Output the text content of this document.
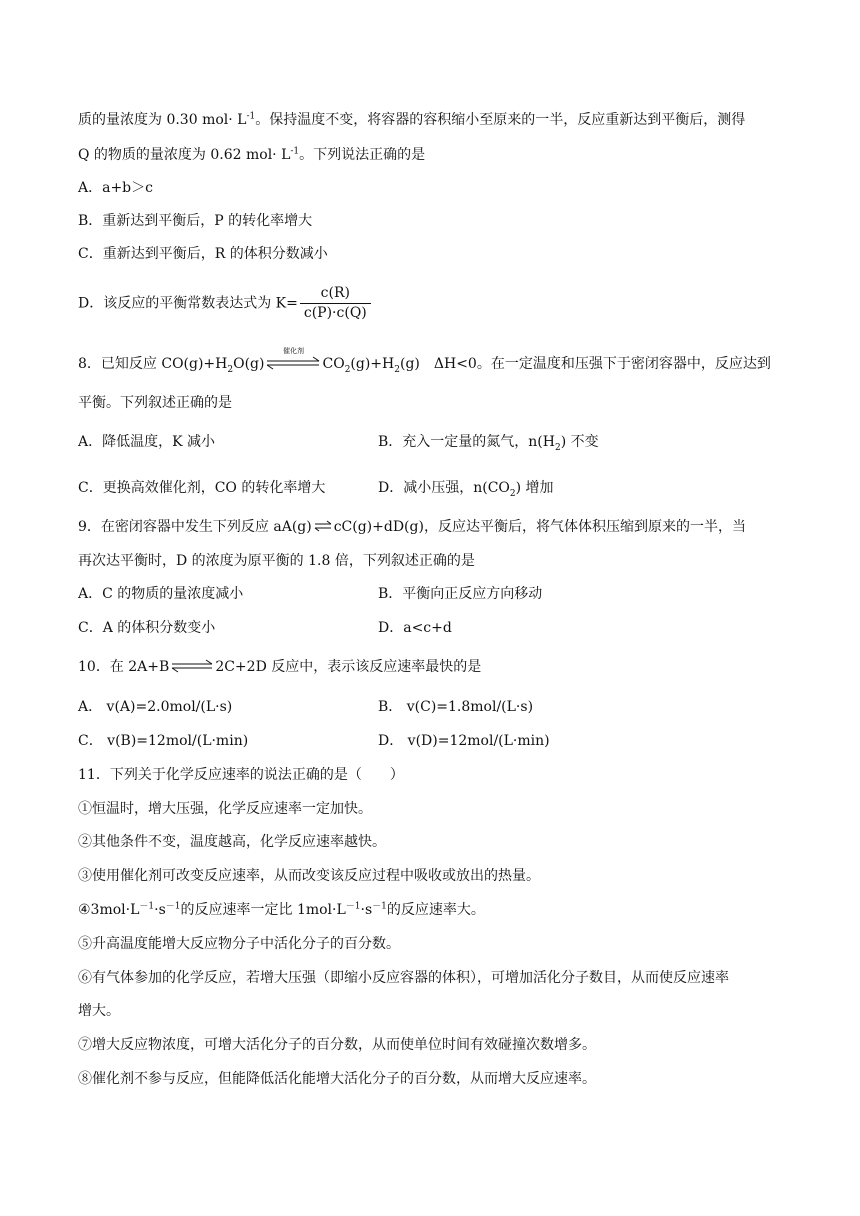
质的量浓度为 0.30 $mol\cdot L^{-1}$。保持温度不变，将容器的容积缩小至原来的一半，反应重新达到平衡后，测得
Q 的物质的量浓度为 0.62 $mol\cdot L^{-1}$。下列说法正确的是
A．a+b＞c
B．重新达到平衡后，P 的转化率增大
C．重新达到平衡后，R 的体积分数减小
D．该反应的平衡常数表达式为 $K= \frac{c(R)}{c(P)\cdot c(Q)}$
8．已知反应 $CO(g)+H_2O(g)$
催化剂
$CO_2(g)+H_2(g)$　ΔH<0。在一定温度和压强下于密闭容器中，反应达到
平衡。下列叙述正确的是
A．降低温度，K 减小	B．充入一定量的氮气，$n(H_2)$ 不变
C．更换高效催化剂，CO 的转化率增大	D．减小压强，$n(CO_2)$ 增加
9．在密闭容器中发生下列反应 aA(g) ⇌ cC(g)+dD(g)，反应达平衡后，将气体体积压缩到原来的一半，当
再次达平衡时，D 的浓度为原平衡的 1.8 倍，下列叙述正确的是
A．C 的物质的量浓度减小	B．平衡向正反应方向移动
C．A 的体积分数变小	D．a<c+d
10．在 2A+B⇌2C+2D 反应中，表示该反应速率最快的是
A． v(A)=2.0mol/(L·s)	B． v(C)=1.8mol/(L·s)
C． v(B)=12mol/(L·min)	D． v(D)=12mol/(L·min)
11．下列关于化学反应速率的说法正确的是（　　）
①恒温时，增大压强，化学反应速率一定加快。
②其他条件不变，温度越高，化学反应速率越快。
③使用催化剂可改变反应速率，从而改变该反应过程中吸收或放出的热量。
$④3mol\cdot L^{-1}\cdot s^{-1}$的反应速率一定比 $1mol\cdot L^{-1}\cdot s^{-1}$的反应速率大。
⑤升高温度能增大反应物分子中活化分子的百分数。
⑥有气体参加的化学反应，若增大压强（即缩小反应容器的体积），可增加活化分子数目，从而使反应速率
增大。
⑦增大反应物浓度，可增大活化分子的百分数，从而使单位时间有效碰撞次数增多。
⑧催化剂不参与反应，但能降低活化能增大活化分子的百分数，从而增大反应速率。
